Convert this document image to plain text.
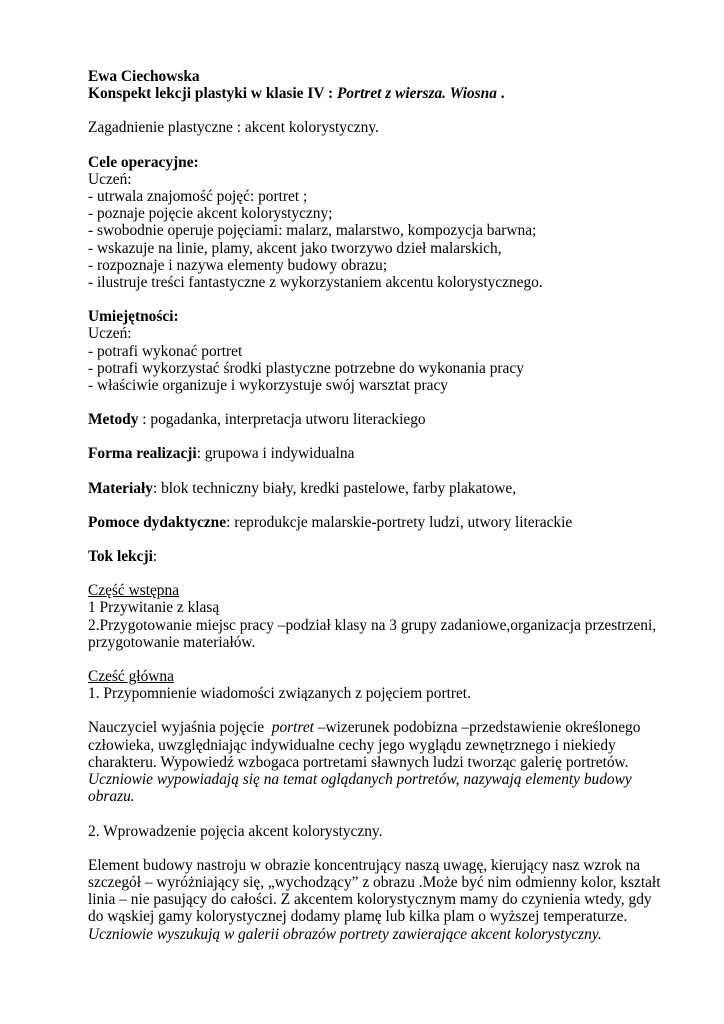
Ewa Ciechowska
Konspekt lekcji plastyki w klasie IV : Portret z wiersza. Wiosna .
Zagadnienie plastyczne : akcent kolorystyczny.
Cele operacyjne:
Uczeń:
- utrwala znajomość pojęć: portret ;
- poznaje pojęcie akcent kolorystyczny;
- swobodnie operuje pojęciami: malarz, malarstwo, kompozycja barwna;
- wskazuje na linie, plamy, akcent jako tworzywo dzieł malarskich,
- rozpoznaje i nazywa elementy budowy obrazu;
- ilustruje treści fantastyczne z wykorzystaniem akcentu kolorystycznego.
Umiejętności:
Uczeń:
- potrafi wykonać portret
- potrafi wykorzystać środki plastyczne potrzebne do wykonania pracy
- właściwie organizuje i wykorzystuje swój warsztat pracy
Metody : pogadanka, interpretacja utworu literackiego
Forma realizacji: grupowa i indywidualna
Materiały: blok techniczny biały, kredki pastelowe, farby plakatowe,
Pomoce dydaktyczne: reprodukcje malarskie-portrety ludzi, utwory literackie
Tok lekcji:
Część wstępna
1 Przywitanie z klasą
2.Przygotowanie miejsc pracy –podział klasy na 3 grupy zadaniowe,organizacja przestrzeni,
przygotowanie materiałów.
Cześć główna
1. Przypomnienie wiadomości związanych z pojęciem portret.
Nauczyciel wyjaśnia pojęcie  portret –wizerunek podobizna –przedstawienie określonego
człowieka, uwzględniając indywidualne cechy jego wyglądu zewnętrznego i niekiedy
charakteru. Wypowiedź wzbogaca portretami sławnych ludzi tworząc galerię portretów.
Uczniowie wypowiadają się na temat oglądanych portretów, nazywają elementy budowy
obrazu.
2. Wprowadzenie pojęcia akcent kolorystyczny.
Element budowy nastroju w obrazie koncentrujący naszą uwagę, kierujący nasz wzrok na
szczegół – wyróżniający się, „wychodzący” z obrazu .Może być nim odmienny kolor, kształt
linia – nie pasujący do całości. Z akcentem kolorystycznym mamy do czynienia wtedy, gdy
do wąskiej gamy kolorystycznej dodamy plamę lub kilka plam o wyższej temperaturze.
Uczniowie wyszukują w galerii obrazów portrety zawierające akcent kolorystyczny.
